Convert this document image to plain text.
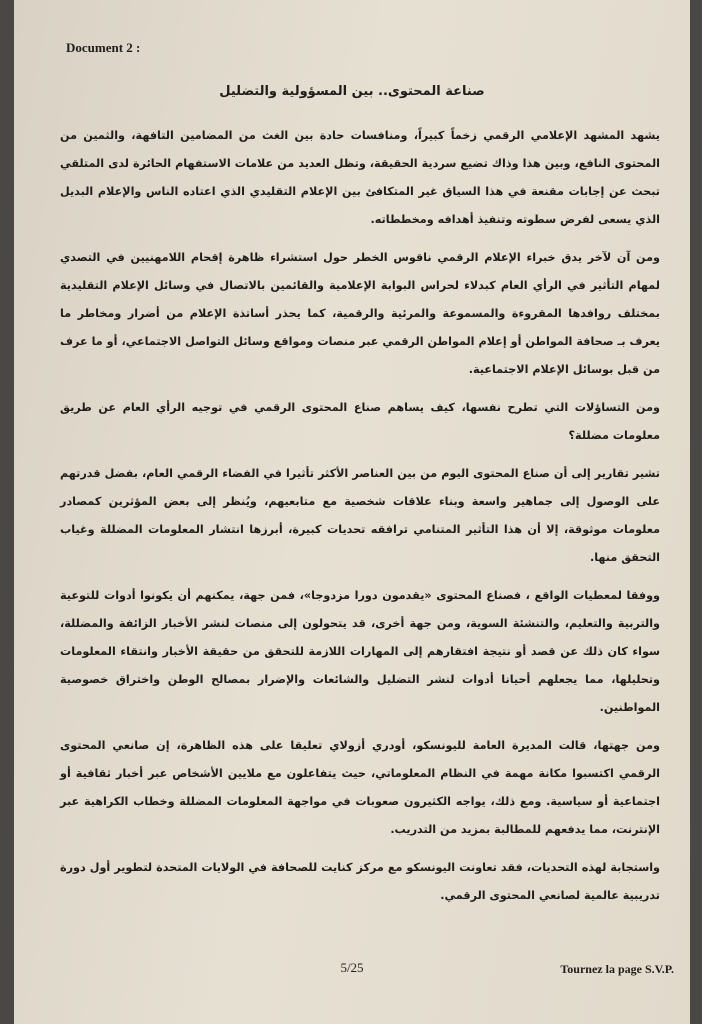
Document 2 :
صناعة المحتوى.. بين المسؤولية والتضليل

يشهد المشهد الإعلامي الرقمي زخماً كبيراً، ومنافسات حادة بين الغث من المضامين التافهة، والثمين من المحتوى النافع، وبين هذا وذاك تضيع سردية الحقيقة، وتظل العديد من علامات الاستفهام الحائرة لدى المتلقي تبحث عن إجابات مقنعة في هذا السياق غير المتكافئ بين الإعلام التقليدي الذي اعتاده الناس والإعلام البديل الذي يسعى لفرض سطوته وتنفيذ أهدافه ومخططاته.

ومن آن لآخر يدق خبراء الإعلام الرقمي ناقوس الخطر حول استشراء ظاهرة إقحام اللامهنيين في التصدي لمهام التأثير في الرأي العام كبدلاء لحراس البوابة الإعلامية والقائمين بالاتصال في وسائل الإعلام التقليدية بمختلف روافدها المقروءة والمسموعة والمرئية والرقمية، كما يحذر أساتذة الإعلام من أضرار ومخاطر ما يعرف بـ صحافة المواطن أو إعلام المواطن الرقمي عبر منصات ومواقع وسائل التواصل الاجتماعي، أو ما عرف من قبل بوسائل الإعلام الاجتماعية.

ومن التساؤلات التي تطرح نفسها، كيف يساهم صناع المحتوى الرقمي في توجيه الرأي العام عن طريق معلومات مضللة؟

تشير تقارير إلى أن صناع المحتوى اليوم من بين العناصر الأكثر تأثيرا في الفضاء الرقمي العام، بفضل قدرتهم على الوصول إلى جماهير واسعة وبناء علاقات شخصية مع متابعيهم، ويُنظر إلى بعض المؤثرين كمصادر معلومات موثوقة، إلا أن هذا التأثير المتنامي ترافقه تحديات كبيرة، أبرزها انتشار المعلومات المضللة وغياب التحقق منها.

ووفقا لمعطيات الواقع ، فصناع المحتوى «يقدمون دورا مزدوجا»، فمن جهة، يمكنهم أن يكونوا أدوات للتوعية والتربية والتعليم، والتنشئة السوية، ومن جهة أخرى، قد يتحولون إلى منصات لنشر الأخبار الزائفة والمضللة، سواء كان ذلك عن قصد أو نتيجة افتقارهم إلى المهارات اللازمة للتحقق من حقيقة الأخبار وانتقاء المعلومات وتحليلها، مما يجعلهم أحيانا أدوات لنشر التضليل والشائعات والإضرار بمصالح الوطن واختراق خصوصية المواطنين.

ومن جهتها، قالت المديرة العامة لليونسكو، أودري أزولاي تعليقا على هذه الظاهرة، إن صانعي المحتوى الرقمي اكتسبوا مكانة مهمة في النظام المعلوماتي، حيث يتفاعلون مع ملايين الأشخاص عبر أخبار ثقافية أو اجتماعية أو سياسية. ومع ذلك، يواجه الكثيرون صعوبات في مواجهة المعلومات المضللة وخطاب الكراهية عبر الإنترنت، مما يدفعهم للمطالبة بمزيد من التدريب.

واستجابة لهذه التحديات، فقد تعاونت اليونسكو مع مركز كنايت للصحافة في الولايات المتحدة لتطوير أول دورة تدريبية عالمية لصانعي المحتوى الرقمي.

5/25	Tournez la page S.V.P.
